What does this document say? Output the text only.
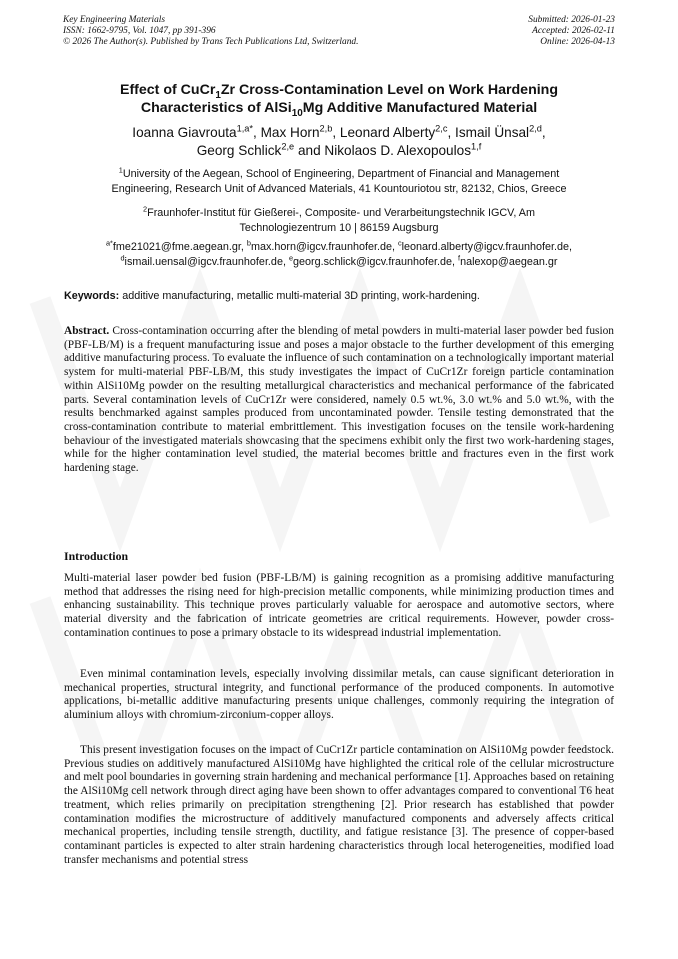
Key Engineering Materials
ISSN: 1662-9795, Vol. 1047, pp 391-396
© 2026 The Author(s). Published by Trans Tech Publications Ltd, Switzerland.
Submitted: 2026-01-23
Accepted: 2026-02-11
Online: 2026-04-13
Effect of CuCr$_1$Zr Cross-Contamination Level on Work Hardening
Characteristics of AlSi$_{10}$Mg Additive Manufactured Material
Ioanna Giavrouta$^{1,a*}$, Max Horn$^{2,b}$, Leonard Alberty$^{2,c}$, Ismail Ünsal$^{2,d}$,
Georg Schlick$^{2,e}$ and Nikolaos D. Alexopoulos$^{1,f}$
$^1$University of the Aegean, School of Engineering, Department of Financial and Management
Engineering, Research Unit of Advanced Materials, 41 Kountouriotou str, 82132, Chios, Greece
$^2$Fraunhofer-Institut für Gießerei-, Composite- und Verarbeitungstechnik IGCV, Am
Technologiezentrum 10 | 86159 Augsburg
$^{a*}$fme21021@fme.aegean.gr, $^b$max.horn@igcv.fraunhofer.de, $^c$leonard.alberty@igcv.fraunhofer.de,
$^d$ismail.uensal@igcv.fraunhofer.de, $^e$georg.schlick@igcv.fraunhofer.de, $^f$nalexop@aegean.gr
Keywords: additive manufacturing, metallic multi-material 3D printing, work-hardening.
Abstract. Cross-contamination occurring after the blending of metal powders in multi-material laser powder bed fusion (PBF-LB/M) is a frequent manufacturing issue and poses a major obstacle to the further development of this emerging additive manufacturing process. To evaluate the influence of such contamination on a technologically important material system for multi-material PBF-LB/M, this study investigates the impact of CuCr1Zr foreign particle contamination within AlSi10Mg powder on the resulting metallurgical characteristics and mechanical performance of the fabricated parts. Several contamination levels of CuCr1Zr were considered, namely 0.5 wt.%, 3.0 wt.% and 5.0 wt.%, with the results benchmarked against samples produced from uncontaminated powder. Tensile testing demonstrated that the cross-contamination contribute to material embrittlement. This investigation focuses on the tensile work-hardening behaviour of the investigated materials showcasing that the specimens exhibit only the first two work-hardening stages, while for the higher contamination level studied, the material becomes brittle and fractures even in the first work hardening stage.
Introduction
Multi-material laser powder bed fusion (PBF-LB/M) is gaining recognition as a promising additive manufacturing method that addresses the rising need for high-precision metallic components, while minimizing production times and enhancing sustainability. This technique proves particularly valuable for aerospace and automotive sectors, where material diversity and the fabrication of intricate geometries are critical requirements. However, powder cross-contamination continues to pose a primary obstacle to its widespread industrial implementation.
Even minimal contamination levels, especially involving dissimilar metals, can cause significant deterioration in mechanical properties, structural integrity, and functional performance of the produced components. In automotive applications, bi-metallic additive manufacturing presents unique challenges, commonly requiring the integration of aluminium alloys with chromium-zirconium-copper alloys.
This present investigation focuses on the impact of CuCr1Zr particle contamination on AlSi10Mg powder feedstock. Previous studies on additively manufactured AlSi10Mg have highlighted the critical role of the cellular microstructure and melt pool boundaries in governing strain hardening and mechanical performance [1]. Approaches based on retaining the AlSi10Mg cell network through direct aging have been shown to offer advantages compared to conventional T6 heat treatment, which relies primarily on precipitation strengthening [2]. Prior research has established that powder contamination modifies the microstructure of additively manufactured components and adversely affects critical mechanical properties, including tensile strength, ductility, and fatigue resistance [3]. The presence of copper-based contaminant particles is expected to alter strain hardening characteristics through local heterogeneities, modified load transfer mechanisms and potential stress
